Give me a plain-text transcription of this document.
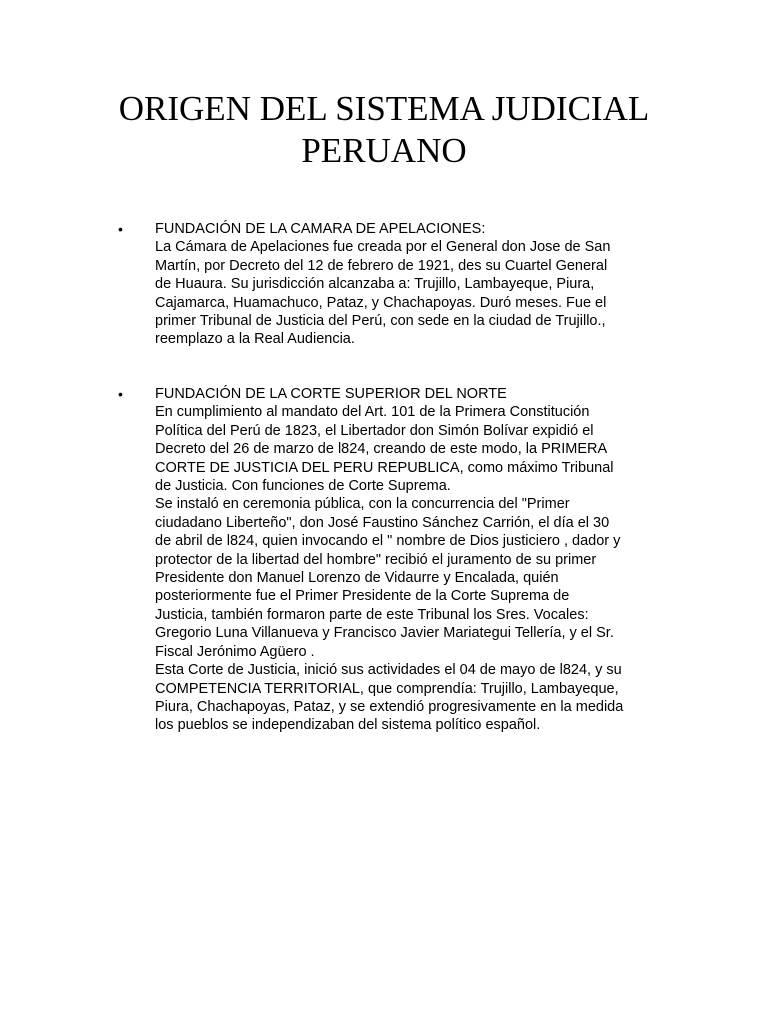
ORIGEN DEL SISTEMA JUDICIAL
PERUANO
•	FUNDACIÓN DE LA CAMARA DE APELACIONES:
La Cámara de Apelaciones fue creada por el General don Jose de San
Martín, por Decreto del 12 de febrero de 1921, des su Cuartel General
de Huaura. Su jurisdicción alcanzaba a: Trujillo, Lambayeque, Piura,
Cajamarca, Huamachuco, Pataz, y Chachapoyas. Duró meses. Fue el
primer Tribunal de Justicia del Perú, con sede en la ciudad de Trujillo.,
reemplazo a la Real Audiencia.
•	FUNDACIÓN DE LA CORTE SUPERIOR DEL NORTE
En cumplimiento al mandato del Art. 101 de la Primera Constitución
Política del Perú de 1823, el Libertador don Simón Bolívar expidió el
Decreto del 26 de marzo de l824, creando de este modo, la PRIMERA
CORTE DE JUSTICIA DEL PERU REPUBLICA, como máximo Tribunal
de Justicia. Con funciones de Corte Suprema.
Se instaló en ceremonia pública, con la concurrencia del "Primer
ciudadano Liberteño", don José Faustino Sánchez Carrión, el día el 30
de abril de l824, quien invocando el " nombre de Dios justiciero , dador y
protector de la libertad del hombre" recibió el juramento de su primer
Presidente don Manuel Lorenzo de Vidaurre y Encalada, quién
posteriormente fue el Primer Presidente de la Corte Suprema de
Justicia, también formaron parte de este Tribunal los Sres. Vocales:
Gregorio Luna Villanueva y Francisco Javier Mariategui Tellería, y el Sr.
Fiscal Jerónimo Agüero .
Esta Corte de Justicia, inició sus actividades el 04 de mayo de l824, y su
COMPETENCIA TERRITORIAL, que comprendía: Trujillo, Lambayeque,
Piura, Chachapoyas, Pataz, y se extendió progresivamente en la medida
los pueblos se independizaban del sistema político español.
